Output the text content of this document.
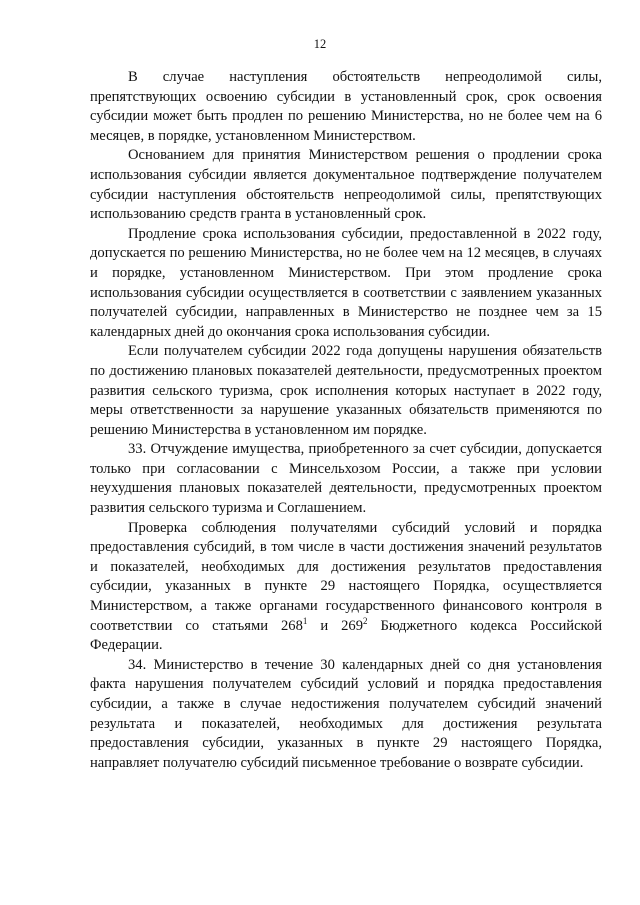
12

В случае наступления обстоятельств непреодолимой силы, препятствующих освоению субсидии в установленный срок, срок освоения субсидии может быть продлен по решению Министерства, но не более чем на 6 месяцев, в порядке, установленном Министерством.

Основанием для принятия Министерством решения о продлении срока использования субсидии является документальное подтверждение получателем субсидии наступления обстоятельств непреодолимой силы, препятствующих использованию средств гранта в установленный срок.

Продление срока использования субсидии, предоставленной в 2022 году, допускается по решению Министерства, но не более чем на 12 месяцев, в случаях и порядке, установленном Министерством. При этом продление срока использования субсидии осуществляется в соответствии с заявлением указанных получателей субсидии, направленных в Министерство не позднее чем за 15 календарных дней до окончания срока использования субсидии.

Если получателем субсидии 2022 года допущены нарушения обязательств по достижению плановых показателей деятельности, предусмотренных проектом развития сельского туризма, срок исполнения которых наступает в 2022 году, меры ответственности за нарушение указанных обязательств применяются по решению Министерства в установленном им порядке.

33. Отчуждение имущества, приобретенного за счет субсидии, допускается только при согласовании с Минсельхозом России, а также при условии неухудшения плановых показателей деятельности, предусмотренных проектом развития сельского туризма и Соглашением.

Проверка соблюдения получателями субсидий условий и порядка предоставления субсидий, в том числе в части достижения значений результатов и показателей, необходимых для достижения результатов предоставления субсидии, указанных в пункте 29 настоящего Порядка, осуществляется Министерством, а также органами государственного финансового контроля в соответствии со статьями $268^1$ и $269^2$ Бюджетного кодекса Российской Федерации.

34. Министерство в течение 30 календарных дней со дня установления факта нарушения получателем субсидий условий и порядка предоставления субсидии, а также в случае недостижения получателем субсидий значений результата и показателей, необходимых для достижения результата предоставления субсидии, указанных в пункте 29 настоящего Порядка, направляет получателю субсидий письменное требование о возврате субсидии.
